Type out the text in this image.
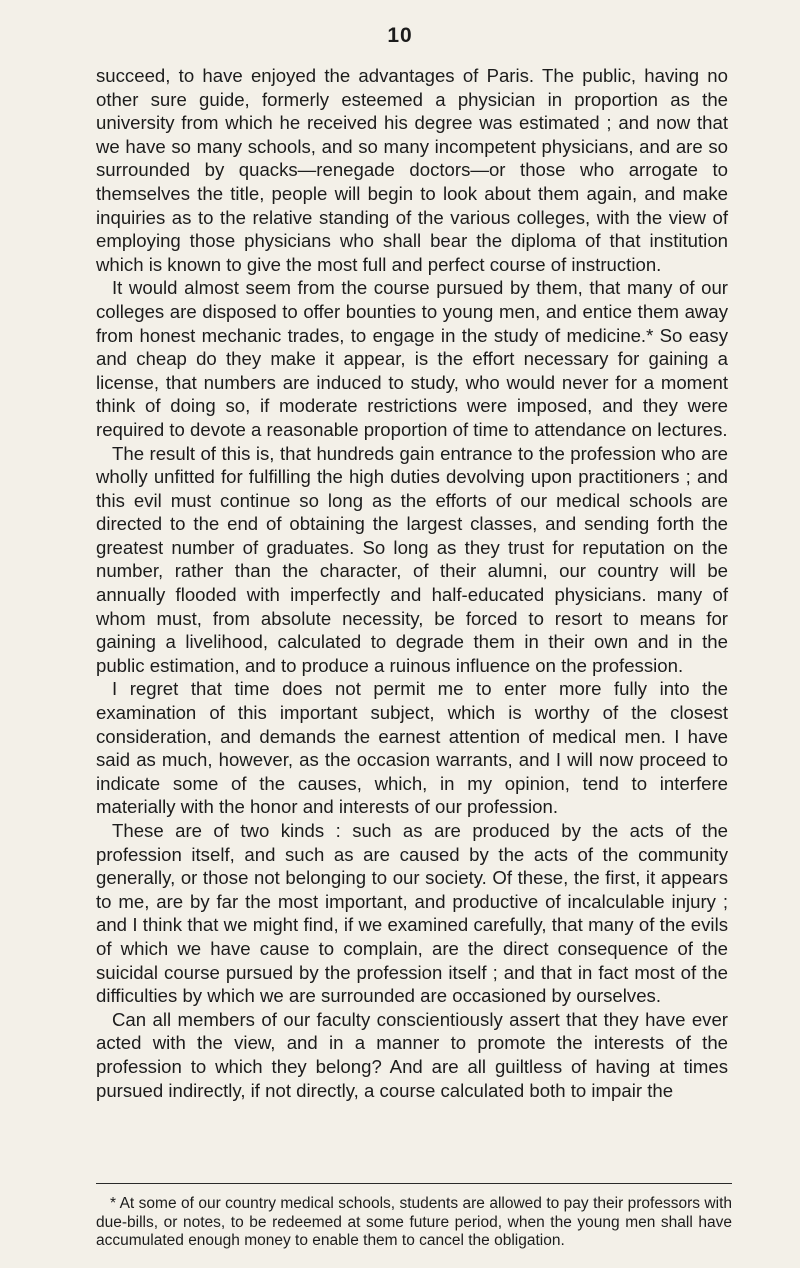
10

succeed, to have enjoyed the advantages of Paris. The public, having no other sure guide, formerly esteemed a physician in proportion as the university from which he received his degree was estimated ; and now that we have so many schools, and so many incompetent physicians, and are so surrounded by quacks—renegade doctors—or those who arrogate to themselves the title, people will begin to look about them again, and make inquiries as to the relative standing of the various colleges, with the view of employing those physicians who shall bear the diploma of that institution which is known to give the most full and perfect course of instruction.

It would almost seem from the course pursued by them, that many of our colleges are disposed to offer bounties to young men, and entice them away from honest mechanic trades, to engage in the study of medicine.* So easy and cheap do they make it appear, is the effort necessary for gaining a license, that numbers are induced to study, who would never for a moment think of doing so, if moderate restrictions were imposed, and they were required to devote a reasonable proportion of time to attendance on lectures.

The result of this is, that hundreds gain entrance to the profession who are wholly unfitted for fulfilling the high duties devolving upon practitioners ; and this evil must continue so long as the efforts of our medical schools are directed to the end of obtaining the largest classes, and sending forth the greatest number of graduates. So long as they trust for reputation on the number, rather than the character, of their alumni, our country will be annually flooded with imperfectly and half-educated physicians. many of whom must, from absolute necessity, be forced to resort to means for gaining a livelihood, calculated to degrade them in their own and in the public estimation, and to produce a ruinous influence on the profession.

I regret that time does not permit me to enter more fully into the examination of this important subject, which is worthy of the closest consideration, and demands the earnest attention of medical men. I have said as much, however, as the occasion warrants, and I will now proceed to indicate some of the causes, which, in my opinion, tend to interfere materially with the honor and interests of our profession.

These are of two kinds : such as are produced by the acts of the profession itself, and such as are caused by the acts of the community generally, or those not belonging to our society. Of these, the first, it appears to me, are by far the most important, and productive of incalculable injury ; and I think that we might find, if we examined carefully, that many of the evils of which we have cause to complain, are the direct consequence of the suicidal course pursued by the profession itself ; and that in fact most of the difficulties by which we are surrounded are occasioned by ourselves.

Can all members of our faculty conscientiously assert that they have ever acted with the view, and in a manner to promote the interests of the profession to which they belong? And are all guiltless of having at times pursued indirectly, if not directly, a course calculated both to impair the

* At some of our country medical schools, students are allowed to pay their professors with due-bills, or notes, to be redeemed at some future period, when the young men shall have accumulated enough money to enable them to cancel the obligation.
